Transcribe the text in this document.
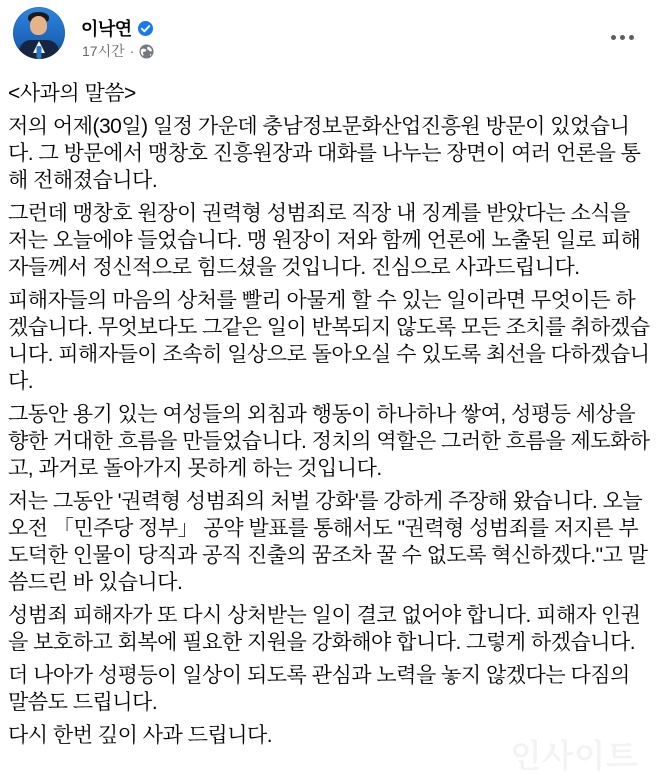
이낙연
17시간 ·

<사과의 말씀>

저의 어제(30일) 일정 가운데 충남정보문화산업진흥원 방문이 있었습니다. 그 방문에서 맹창호 진흥원장과 대화를 나누는 장면이 여러 언론을 통해 전해졌습니다.

그런데 맹창호 원장이 권력형 성범죄로 직장 내 징계를 받았다는 소식을 저는 오늘에야 들었습니다. 맹 원장이 저와 함께 언론에 노출된 일로 피해자들께서 정신적으로 힘드셨을 것입니다. 진심으로 사과드립니다.

피해자들의 마음의 상처를 빨리 아물게 할 수 있는 일이라면 무엇이든 하겠습니다. 무엇보다도 그같은 일이 반복되지 않도록 모든 조치를 취하겠습니다. 피해자들이 조속히 일상으로 돌아오실 수 있도록 최선을 다하겠습니다.

그동안 용기 있는 여성들의 외침과 행동이 하나하나 쌓여, 성평등 세상을 향한 거대한 흐름을 만들었습니다. 정치의 역할은 그러한 흐름을 제도화하고, 과거로 돌아가지 못하게 하는 것입니다.

저는 그동안 '권력형 성범죄의 처벌 강화'를 강하게 주장해 왔습니다. 오늘 오전 「민주당 정부」 공약 발표를 통해서도 "권력형 성범죄를 저지른 부도덕한 인물이 당직과 공직 진출의 꿈조차 꿀 수 없도록 혁신하겠다."고 말씀드린 바 있습니다.

성범죄 피해자가 또 다시 상처받는 일이 결코 없어야 합니다. 피해자 인권을 보호하고 회복에 필요한 지원을 강화해야 합니다. 그렇게 하겠습니다.

더 나아가 성평등이 일상이 되도록 관심과 노력을 놓지 않겠다는 다짐의 말씀도 드립니다.

다시 한번 깊이 사과 드립니다.

인사이트
